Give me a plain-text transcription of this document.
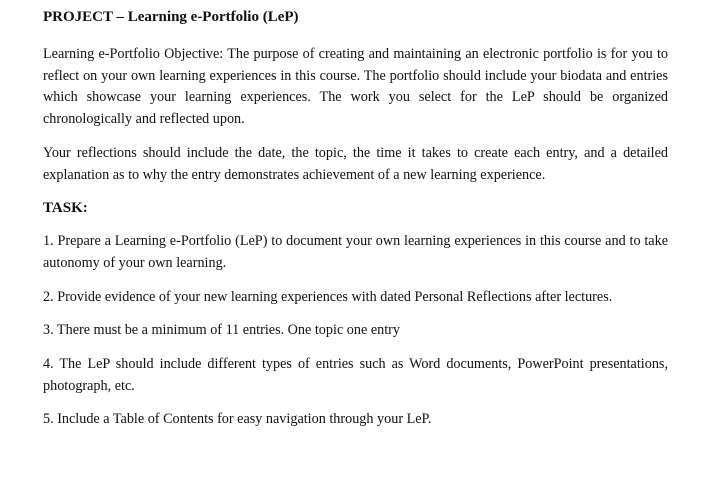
PROJECT – Learning e-Portfolio (LeP)

Learning e-Portfolio Objective: The purpose of creating and maintaining an electronic portfolio is for you to reflect on your own learning experiences in this course. The portfolio should include your biodata and entries which showcase your learning experiences. The work you select for the LeP should be organized chronologically and reflected upon.

Your reflections should include the date, the topic, the time it takes to create each entry, and a detailed explanation as to why the entry demonstrates achievement of a new learning experience.

TASK:

1. Prepare a Learning e-Portfolio (LeP) to document your own learning experiences in this course and to take autonomy of your own learning.

2. Provide evidence of your new learning experiences with dated Personal Reflections after lectures.

3. There must be a minimum of 11 entries. One topic one entry

4. The LeP should include different types of entries such as Word documents, PowerPoint presentations, photograph, etc.

5. Include a Table of Contents for easy navigation through your LeP.
